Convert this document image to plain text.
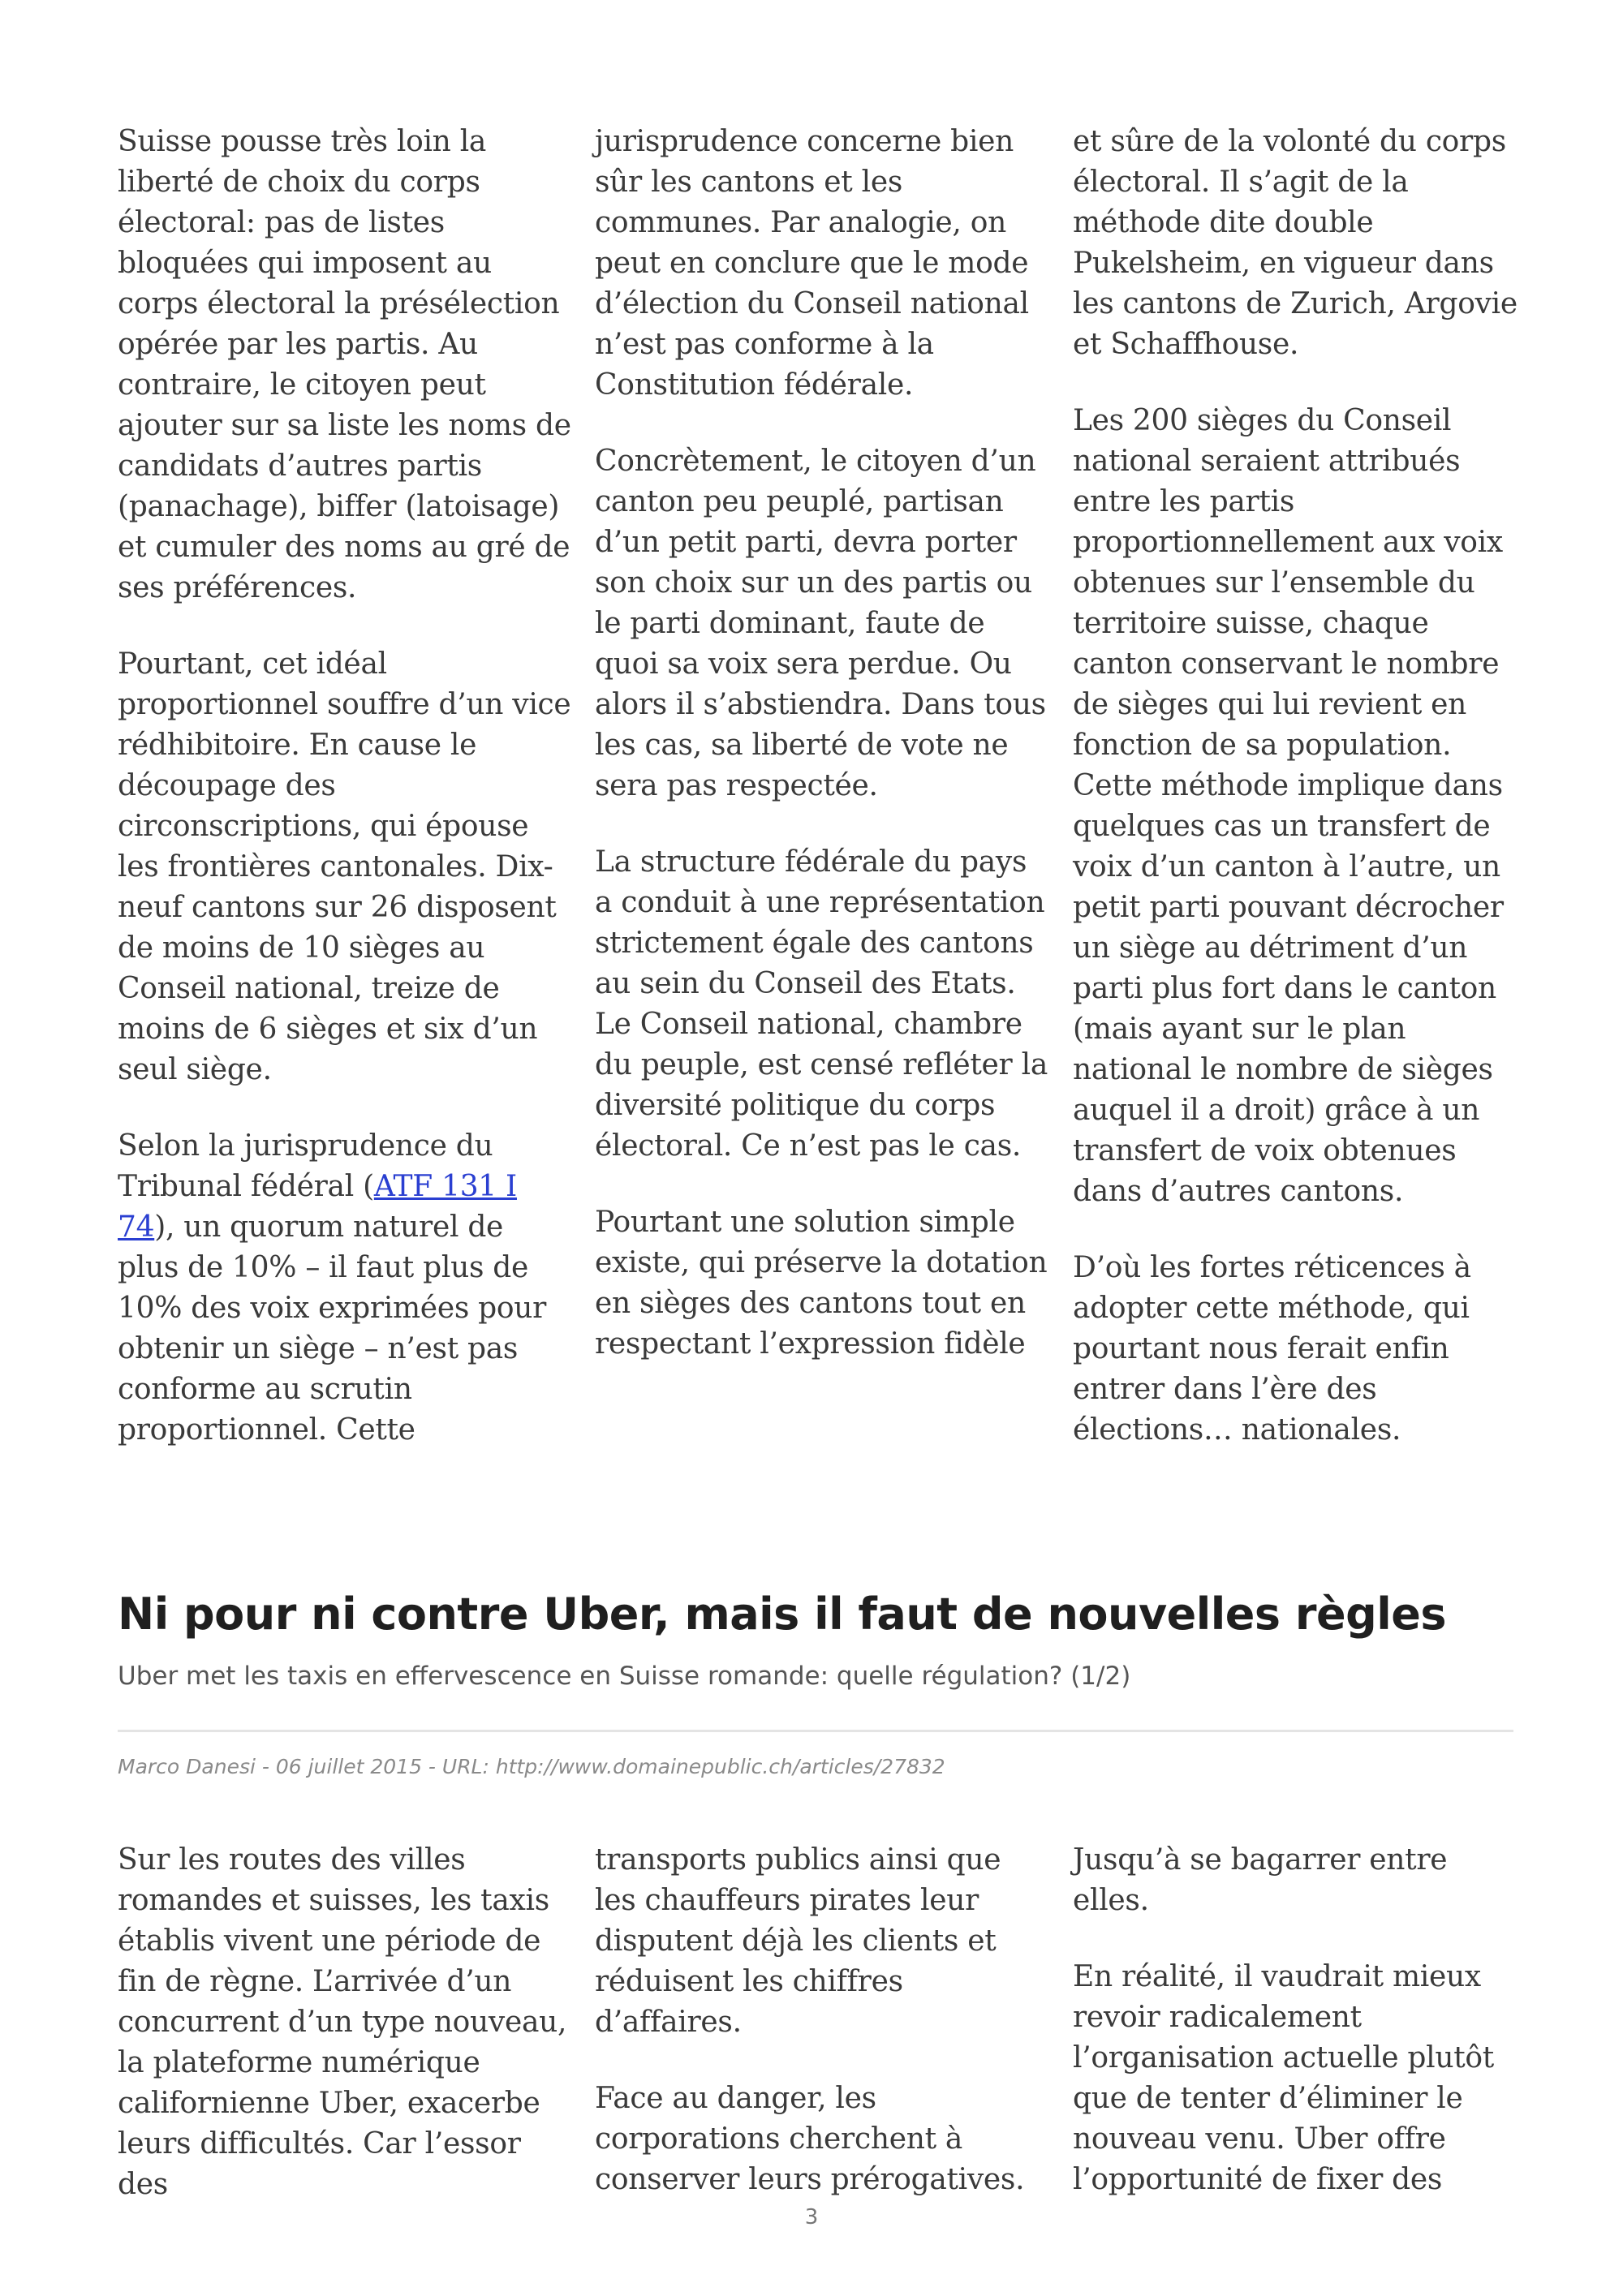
Suisse pousse très loin la liberté de choix du corps électoral: pas de listes bloquées qui imposent au corps électoral la présélection opérée par les partis. Au contraire, le citoyen peut ajouter sur sa liste les noms de candidats d’autres partis (panachage), biffer (latoisage) et cumuler des noms au gré de ses préférences.

Pourtant, cet idéal proportionnel souffre d’un vice rédhibitoire. En cause le découpage des circonscriptions, qui épouse les frontières cantonales. Dix-neuf cantons sur 26 disposent de moins de 10 sièges au Conseil national, treize de moins de 6 sièges et six d’un seul siège.

Selon la jurisprudence du Tribunal fédéral (ATF 131 I 74), un quorum naturel de plus de 10% – il faut plus de 10% des voix exprimées pour obtenir un siège – n’est pas conforme au scrutin proportionnel. Cette

jurisprudence concerne bien sûr les cantons et les communes. Par analogie, on peut en conclure que le mode d’élection du Conseil national n’est pas conforme à la Constitution fédérale.

Concrètement, le citoyen d’un canton peu peuplé, partisan d’un petit parti, devra porter son choix sur un des partis ou le parti dominant, faute de quoi sa voix sera perdue. Ou alors il s’abstiendra. Dans tous les cas, sa liberté de vote ne sera pas respectée.

La structure fédérale du pays a conduit à une représentation strictement égale des cantons au sein du Conseil des Etats. Le Conseil national, chambre du peuple, est censé refléter la diversité politique du corps électoral. Ce n’est pas le cas.

Pourtant une solution simple existe, qui préserve la dotation en sièges des cantons tout en respectant l’expression fidèle

et sûre de la volonté du corps électoral. Il s’agit de la méthode dite double Pukelsheim, en vigueur dans les cantons de Zurich, Argovie et Schaffhouse.

Les 200 sièges du Conseil national seraient attribués entre les partis proportionnellement aux voix obtenues sur l’ensemble du territoire suisse, chaque canton conservant le nombre de sièges qui lui revient en fonction de sa population. Cette méthode implique dans quelques cas un transfert de voix d’un canton à l’autre, un petit parti pouvant décrocher un siège au détriment d’un parti plus fort dans le canton (mais ayant sur le plan national le nombre de sièges auquel il a droit) grâce à un transfert de voix obtenues dans d’autres cantons.

D’où les fortes réticences à adopter cette méthode, qui pourtant nous ferait enfin entrer dans l’ère des élections… nationales.

Ni pour ni contre Uber, mais il faut de nouvelles règles

Uber met les taxis en effervescence en Suisse romande: quelle régulation? (1/2)

Marco Danesi - 06 juillet 2015 - URL: http://www.domainepublic.ch/articles/27832

Sur les routes des villes romandes et suisses, les taxis établis vivent une période de fin de règne. L’arrivée d’un concurrent d’un type nouveau, la plateforme numérique californienne Uber, exacerbe leurs difficultés. Car l’essor des

transports publics ainsi que les chauffeurs pirates leur disputent déjà les clients et réduisent les chiffres d’affaires.

Face au danger, les corporations cherchent à conserver leurs prérogatives.

Jusqu’à se bagarrer entre elles.

En réalité, il vaudrait mieux revoir radicalement l’organisation actuelle plutôt que de tenter d’éliminer le nouveau venu. Uber offre l’opportunité de fixer des

3
